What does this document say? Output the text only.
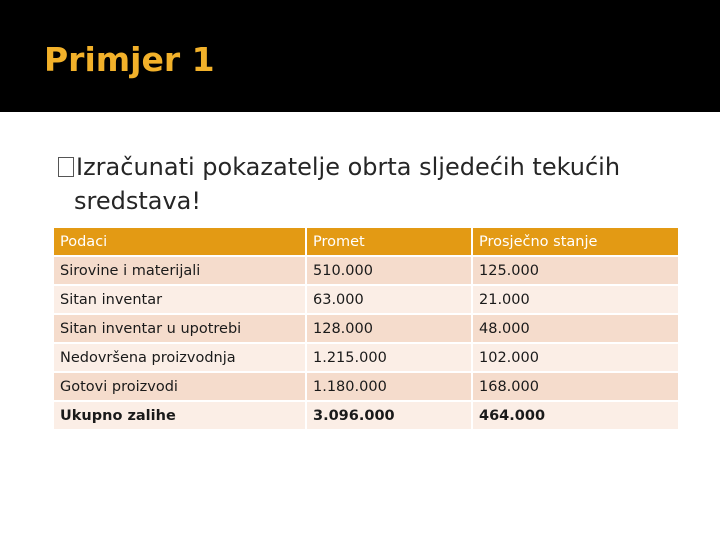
Primjer 1
Izračunati pokazatelje obrta sljedećih tekućih
sredstava!
Podaci	Promet	Prosječno stanje
Sirovine i materijali	510.000	125.000
Sitan inventar	63.000	21.000
Sitan inventar u upotrebi	128.000	48.000
Nedovršena proizvodnja	1.215.000	102.000
Gotovi proizvodi	1.180.000	168.000
Ukupno zalihe	3.096.000	464.000
